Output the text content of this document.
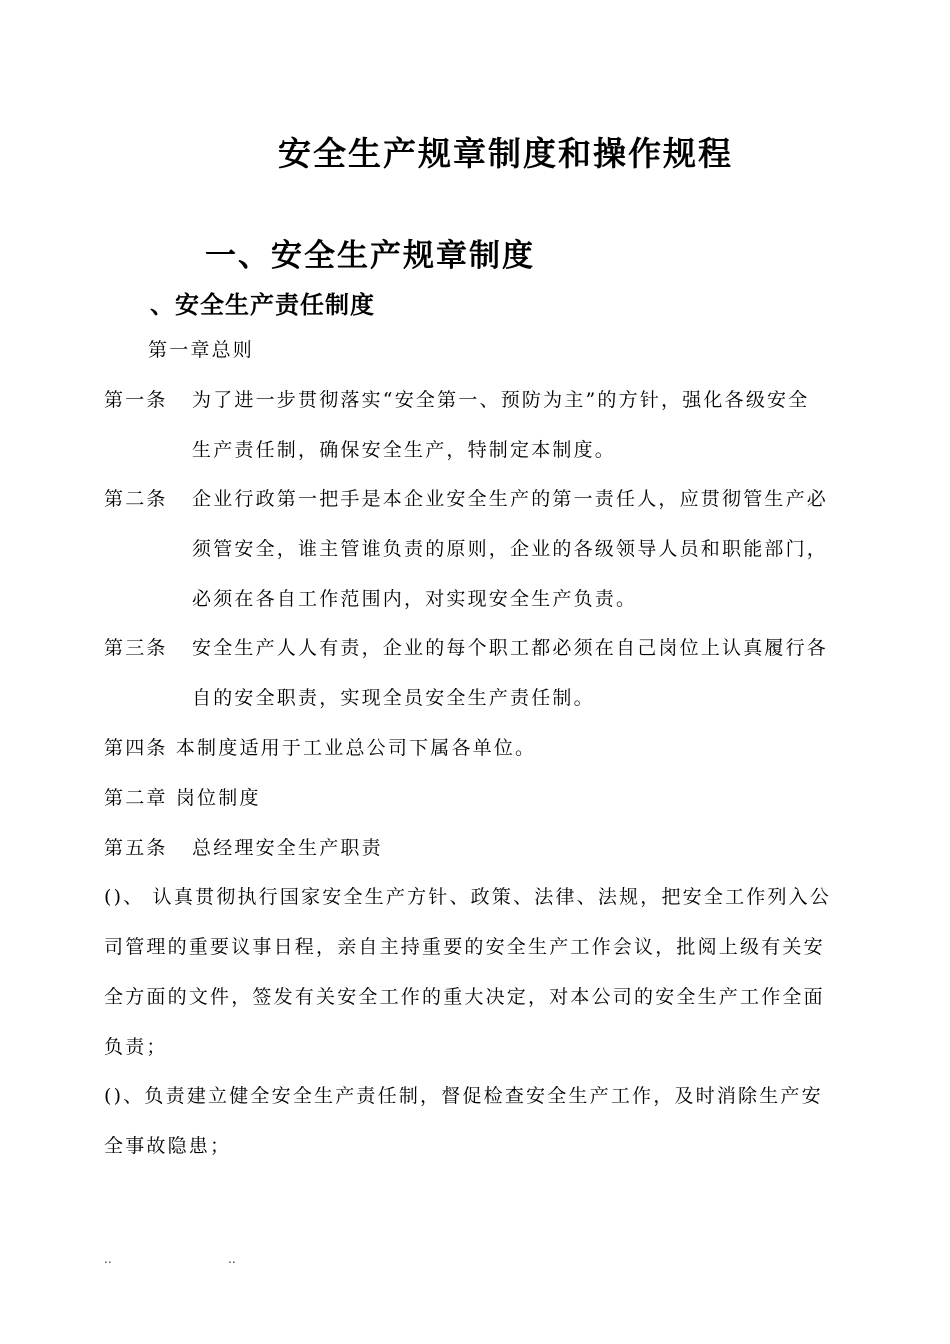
安全生产规章制度和操作规程
一、安全生产规章制度
、安全生产责任制度
第一章总则
第一条 为了进一步贯彻落实“安全第一、预防为主”的方针，强化各级安全
生产责任制，确保安全生产，特制定本制度。
第二条 企业行政第一把手是本企业安全生产的第一责任人，应贯彻管生产必
须管安全，谁主管谁负责的原则，企业的各级领导人员和职能部门，
必须在各自工作范围内，对实现安全生产负责。
第三条 安全生产人人有责，企业的每个职工都必须在自己岗位上认真履行各
自的安全职责，实现全员安全生产责任制。
第四条 本制度适用于工业总公司下属各单位。
第二章 岗位制度
第五条 总经理安全生产职责
()、 认真贯彻执行国家安全生产方针、政策、法律、法规，把安全工作列入公
司管理的重要议事日程，亲自主持重要的安全生产工作会议，批阅上级有关安
全方面的文件，签发有关安全工作的重大决定，对本公司的安全生产工作全面
负责；
()、负责建立健全安全生产责任制，督促检查安全生产工作，及时消除生产安
全事故隐患；
..	..
